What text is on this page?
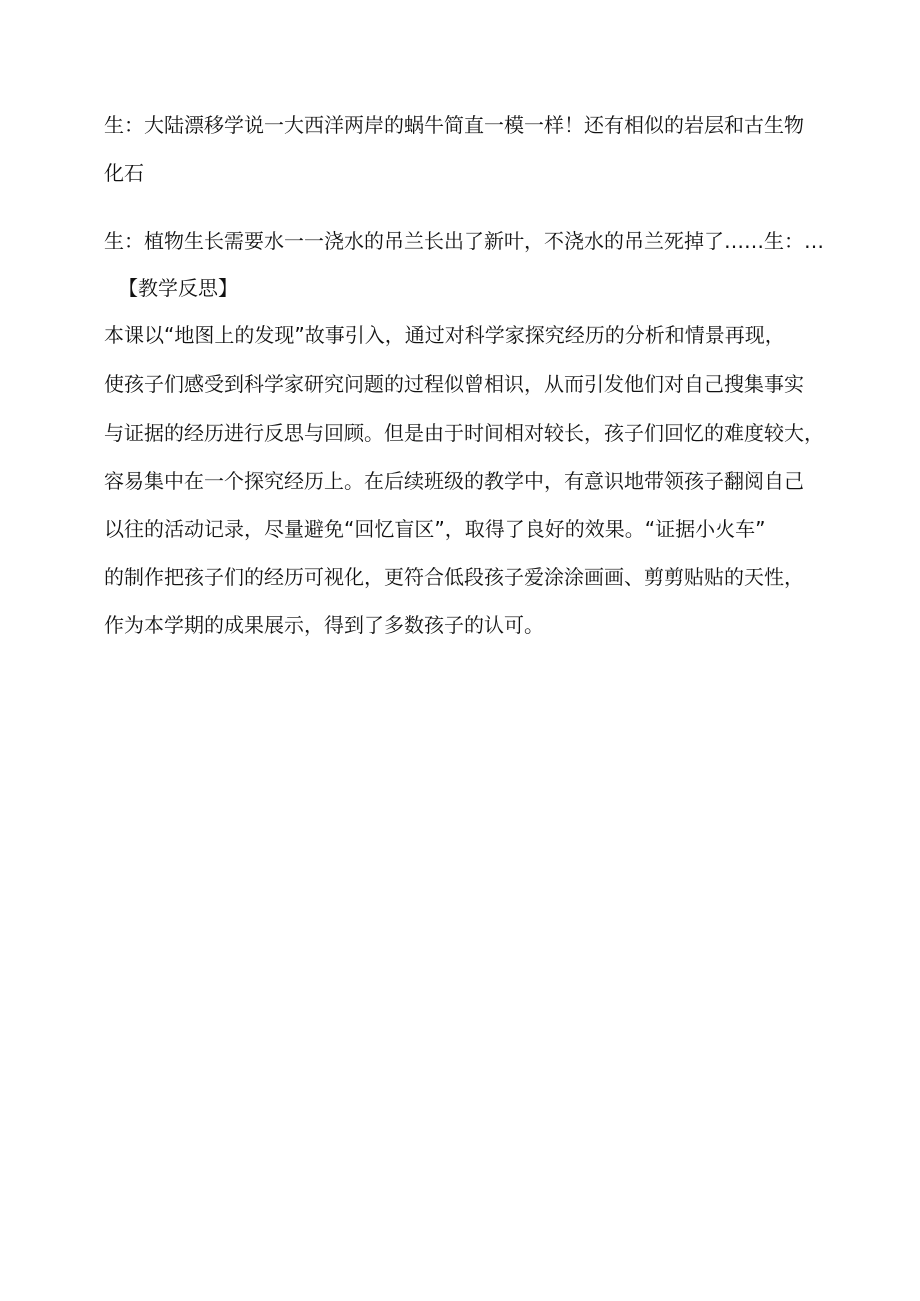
生：大陆漂移学说一大西洋两岸的蜗牛简直一模一样！还有相似的岩层和古生物
化石
生：植物生长需要水一一浇水的吊兰长出了新叶，不浇水的吊兰死掉了……生：…
【教学反思】
本课以“地图上的发现”故事引入，通过对科学家探究经历的分析和情景再现，
使孩子们感受到科学家研究问题的过程似曾相识，从而引发他们对自己搜集事实
与证据的经历进行反思与回顾。但是由于时间相对较长，孩子们回忆的难度较大，
容易集中在一个探究经历上。在后续班级的教学中，有意识地带领孩子翻阅自己
以往的活动记录，尽量避免“回忆盲区”，取得了良好的效果。“证据小火车”
的制作把孩子们的经历可视化，更符合低段孩子爱涂涂画画、剪剪贴贴的天性，
作为本学期的成果展示，得到了多数孩子的认可。
